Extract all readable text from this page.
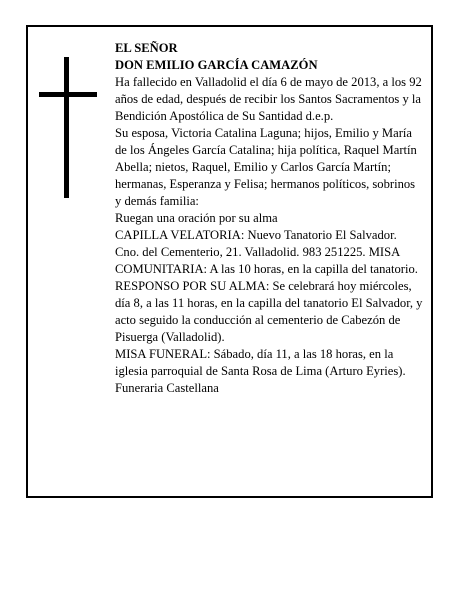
EL SEÑOR

DON EMILIO GARCÍA CAMAZÓN

Ha fallecido en Valladolid el día 6 de mayo de 2013, a los 92 años de edad, después de recibir los Santos Sacramentos y la Bendición Apostólica de Su Santidad d.e.p.

Su esposa, Victoria Catalina Laguna; hijos, Emilio y María de los Ángeles García Catalina; hija política, Raquel Martín Abella; nietos, Raquel, Emilio y Carlos García Martín; hermanas, Esperanza y Felisa; hermanos políticos, sobrinos y demás familia:

Ruegan una oración por su alma

CAPILLA VELATORIA: Nuevo Tanatorio El Salvador. Cno. del Cementerio, 21. Valladolid. 983 251225. MISA COMUNITARIA: A las 10 horas, en la capilla del tanatorio.

RESPONSO POR SU ALMA: Se celebrará hoy miércoles, día 8, a las 11 horas, en la capilla del tanatorio El Salvador, y acto seguido la conducción al cementerio de Cabezón de Pisuerga (Valladolid).

MISA FUNERAL: Sábado, día 11, a las 18 horas, en la iglesia parroquial de Santa Rosa de Lima (Arturo Eyries).

Funeraria Castellana
